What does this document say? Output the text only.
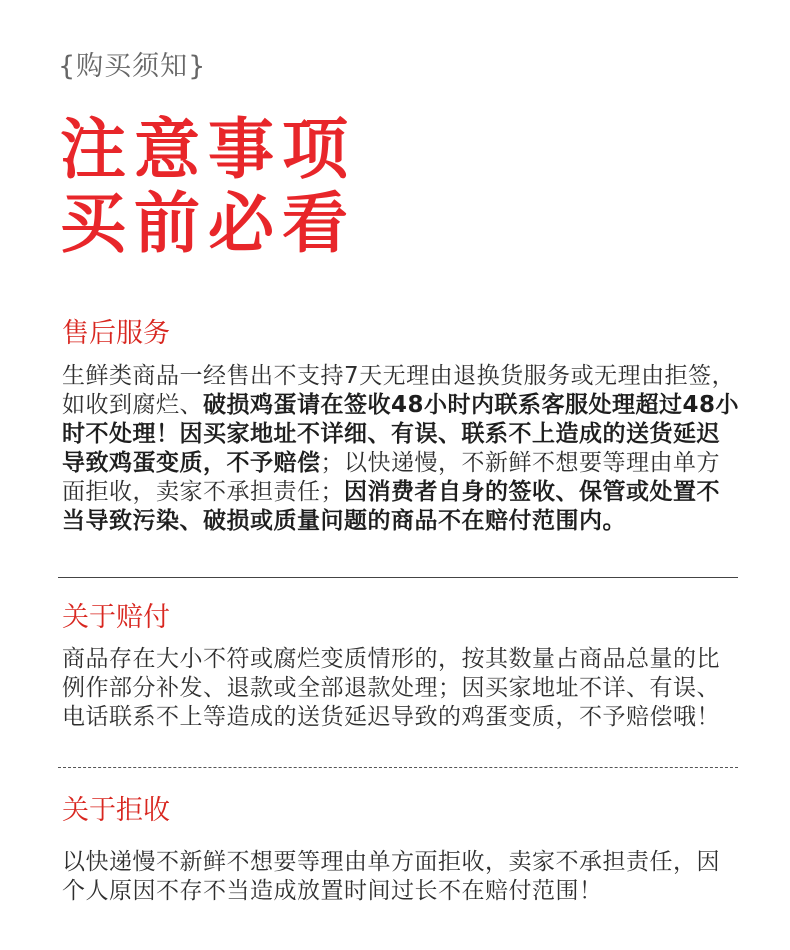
{购买须知}
注意事项
买前必看
售后服务
生鲜类商品一经售出不支持7天无理由退换货服务或无理由拒签，如收到腐烂、破损鸡蛋请在签收48小时内联系客服处理超过48小时不处理！因买家地址不详细、有误、联系不上造成的送货延迟导致鸡蛋变质，不予赔偿；以快递慢，不新鲜不想要等理由单方面拒收，卖家不承担责任；因消费者自身的签收、保管或处置不当导致污染、破损或质量问题的商品不在赔付范围内。
关于赔付
商品存在大小不符或腐烂变质情形的，按其数量占商品总量的比例作部分补发、退款或全部退款处理；因买家地址不详、有误、电话联系不上等造成的送货延迟导致的鸡蛋变质，不予赔偿哦！
关于拒收
以快递慢不新鲜不想要等理由单方面拒收，卖家不承担责任，因个人原因不存不当造成放置时间过长不在赔付范围！
